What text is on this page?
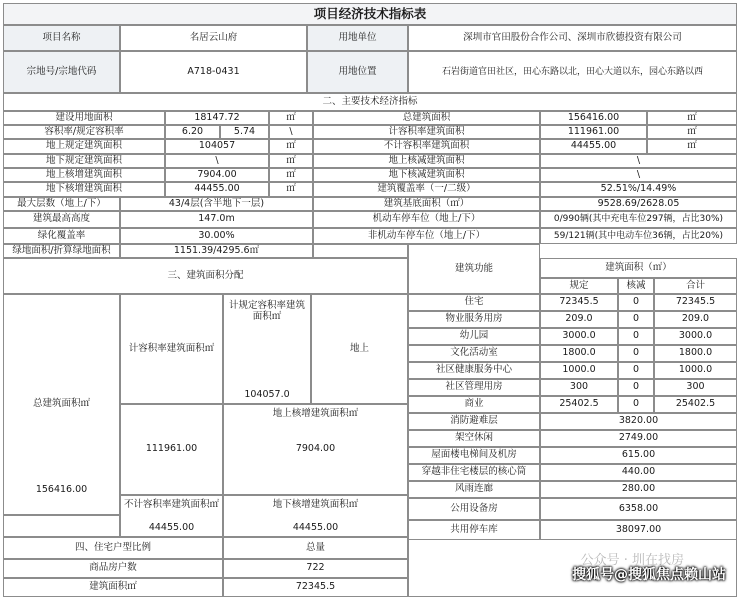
项目经济技术指标表
项目名称	名居云山府	用地单位	深圳市官田股份合作公司、深圳市欣德投资有限公司
宗地号/宗地代码	A718-0431	用地位置	石岩街道官田社区，田心东路以北，田心大道以东，园心东路以西
二、主要技术经济指标
建设用地面积	18147.72	㎡	总建筑面积	156416.00	㎡
容积率/规定容积率	6.20	5.74	\	计容积率建筑面积	111961.00	㎡
地上规定建筑面积	104057	㎡	不计容积率建筑面积	44455.00	㎡
地下规定建筑面积	\	㎡	地上核减建筑面积	\
地上核增建筑面积	7904.00	㎡	地下核减建筑面积	\
地下核增建筑面积	44455.00	㎡	建筑覆盖率（一/二级）	52.51%/14.49%
最大层数（地上/下）	43/4层(含半地下一层)	建筑基底面积（㎡）	9528.69/2628.05
建筑最高高度	147.0m	机动车停车位（地上/下）	0/990辆(其中充电车位297辆，占比30%)
绿化覆盖率	30.00%	非机动车停车位（地上/下）	59/121辆(其中电动车位36辆，占比20%)
绿地面积/折算绿地面积	1151.39/4295.6㎡
三、建筑面积分配
建筑功能	建筑面积（㎡）
规定	核减	合计
总建筑面积㎡
156416.00
计容积率建筑面积㎡
111961.00
计规定容积率建筑面积㎡
104057.0
地上
地上核增建筑面积㎡
7904.00
不计容积率建筑面积㎡
44455.00
地下核增建筑面积㎡
44455.00
住宅	72345.5	0	72345.5
物业服务用房	209.0	0	209.0
幼儿园	3000.0	0	3000.0
文化活动室	1800.0	0	1800.0
社区健康服务中心	1000.0	0	1000.0
社区管理用房	300	0	300
商业	25402.5	0	25402.5
消防避难层	3820.00
架空休闲	2749.00
屋面楼电梯间及机房	615.00
穿越非住宅楼层的核心筒	440.00
风雨连廊	280.00
公用设备房	6358.00
共用停车库	38097.00
四、住宅户型比例	总量
商品房户数	722
建筑面积㎡	72345.5
公众号 · 圳在找房
搜狐号@搜狐焦点赖山站
